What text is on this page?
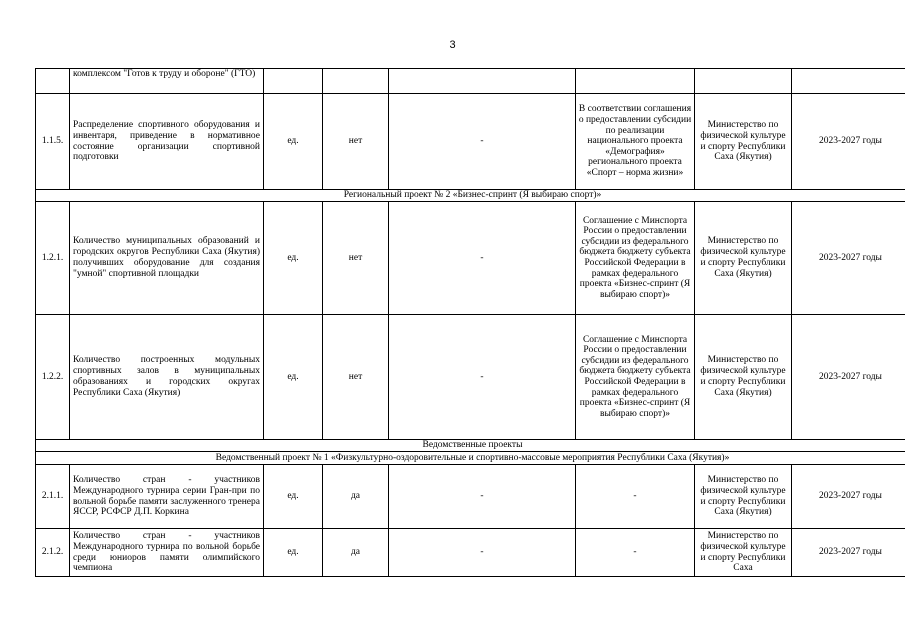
3
	комплексом "Готов к труду и обороне" (ГТО)						
1.1.5.	Распределение спортивного оборудования и инвентаря, приведение в нормативное состояние организации спортивной подготовки	ед.	нет	-	В соответствии соглашения о предоставлении субсидии по реализации национального проекта «Демография» регионального проекта «Спорт – норма жизни»	Министерство по физической культуре и спорту Республики Саха (Якутия)	2023-2027 годы
Региональный проект № 2 «Бизнес-спринт (Я выбираю спорт)»							
1.2.1.	Количество муниципальных образований и городских округов Республики Саха (Якутия) получивших оборудование для создания "умной" спортивной площадки	ед.	нет	-	Соглашение с Минспорта России о предоставлении субсидии из федерального бюджета бюджету субъекта Российской Федерации в рамках федерального проекта «Бизнес-спринт (Я выбираю спорт)»	Министерство по физической культуре и спорту Республики Саха (Якутия)	2023-2027 годы
1.2.2.	Количество построенных модульных спортивных залов в муниципальных образованиях и городских округах Республики Саха (Якутия)	ед.	нет	-	Соглашение с Минспорта России о предоставлении субсидии из федерального бюджета бюджету субъекта Российской Федерации в рамках федерального проекта «Бизнес-спринт (Я выбираю спорт)»	Министерство по физической культуре и спорту Республики Саха (Якутия)	2023-2027 годы
Ведомственные проекты							
Ведомственный проект № 1 «Физкультурно-оздоровительные и спортивно-массовые мероприятия Республики Саха (Якутия)»							
2.1.1.	Количество стран - участников Международного турнира серии Гран-при по вольной борьбе памяти заслуженного тренера ЯССР, РСФСР Д.П. Коркина	ед.	да	-	-	Министерство по физической культуре и спорту Республики Саха (Якутия)	2023-2027 годы
2.1.2.	Количество стран - участников Международного турнира по вольной борьбе среди юниоров памяти олимпийского чемпиона	ед.	да	-	-	Министерство по физической культуре и спорту Республики Саха	2023-2027 годы
